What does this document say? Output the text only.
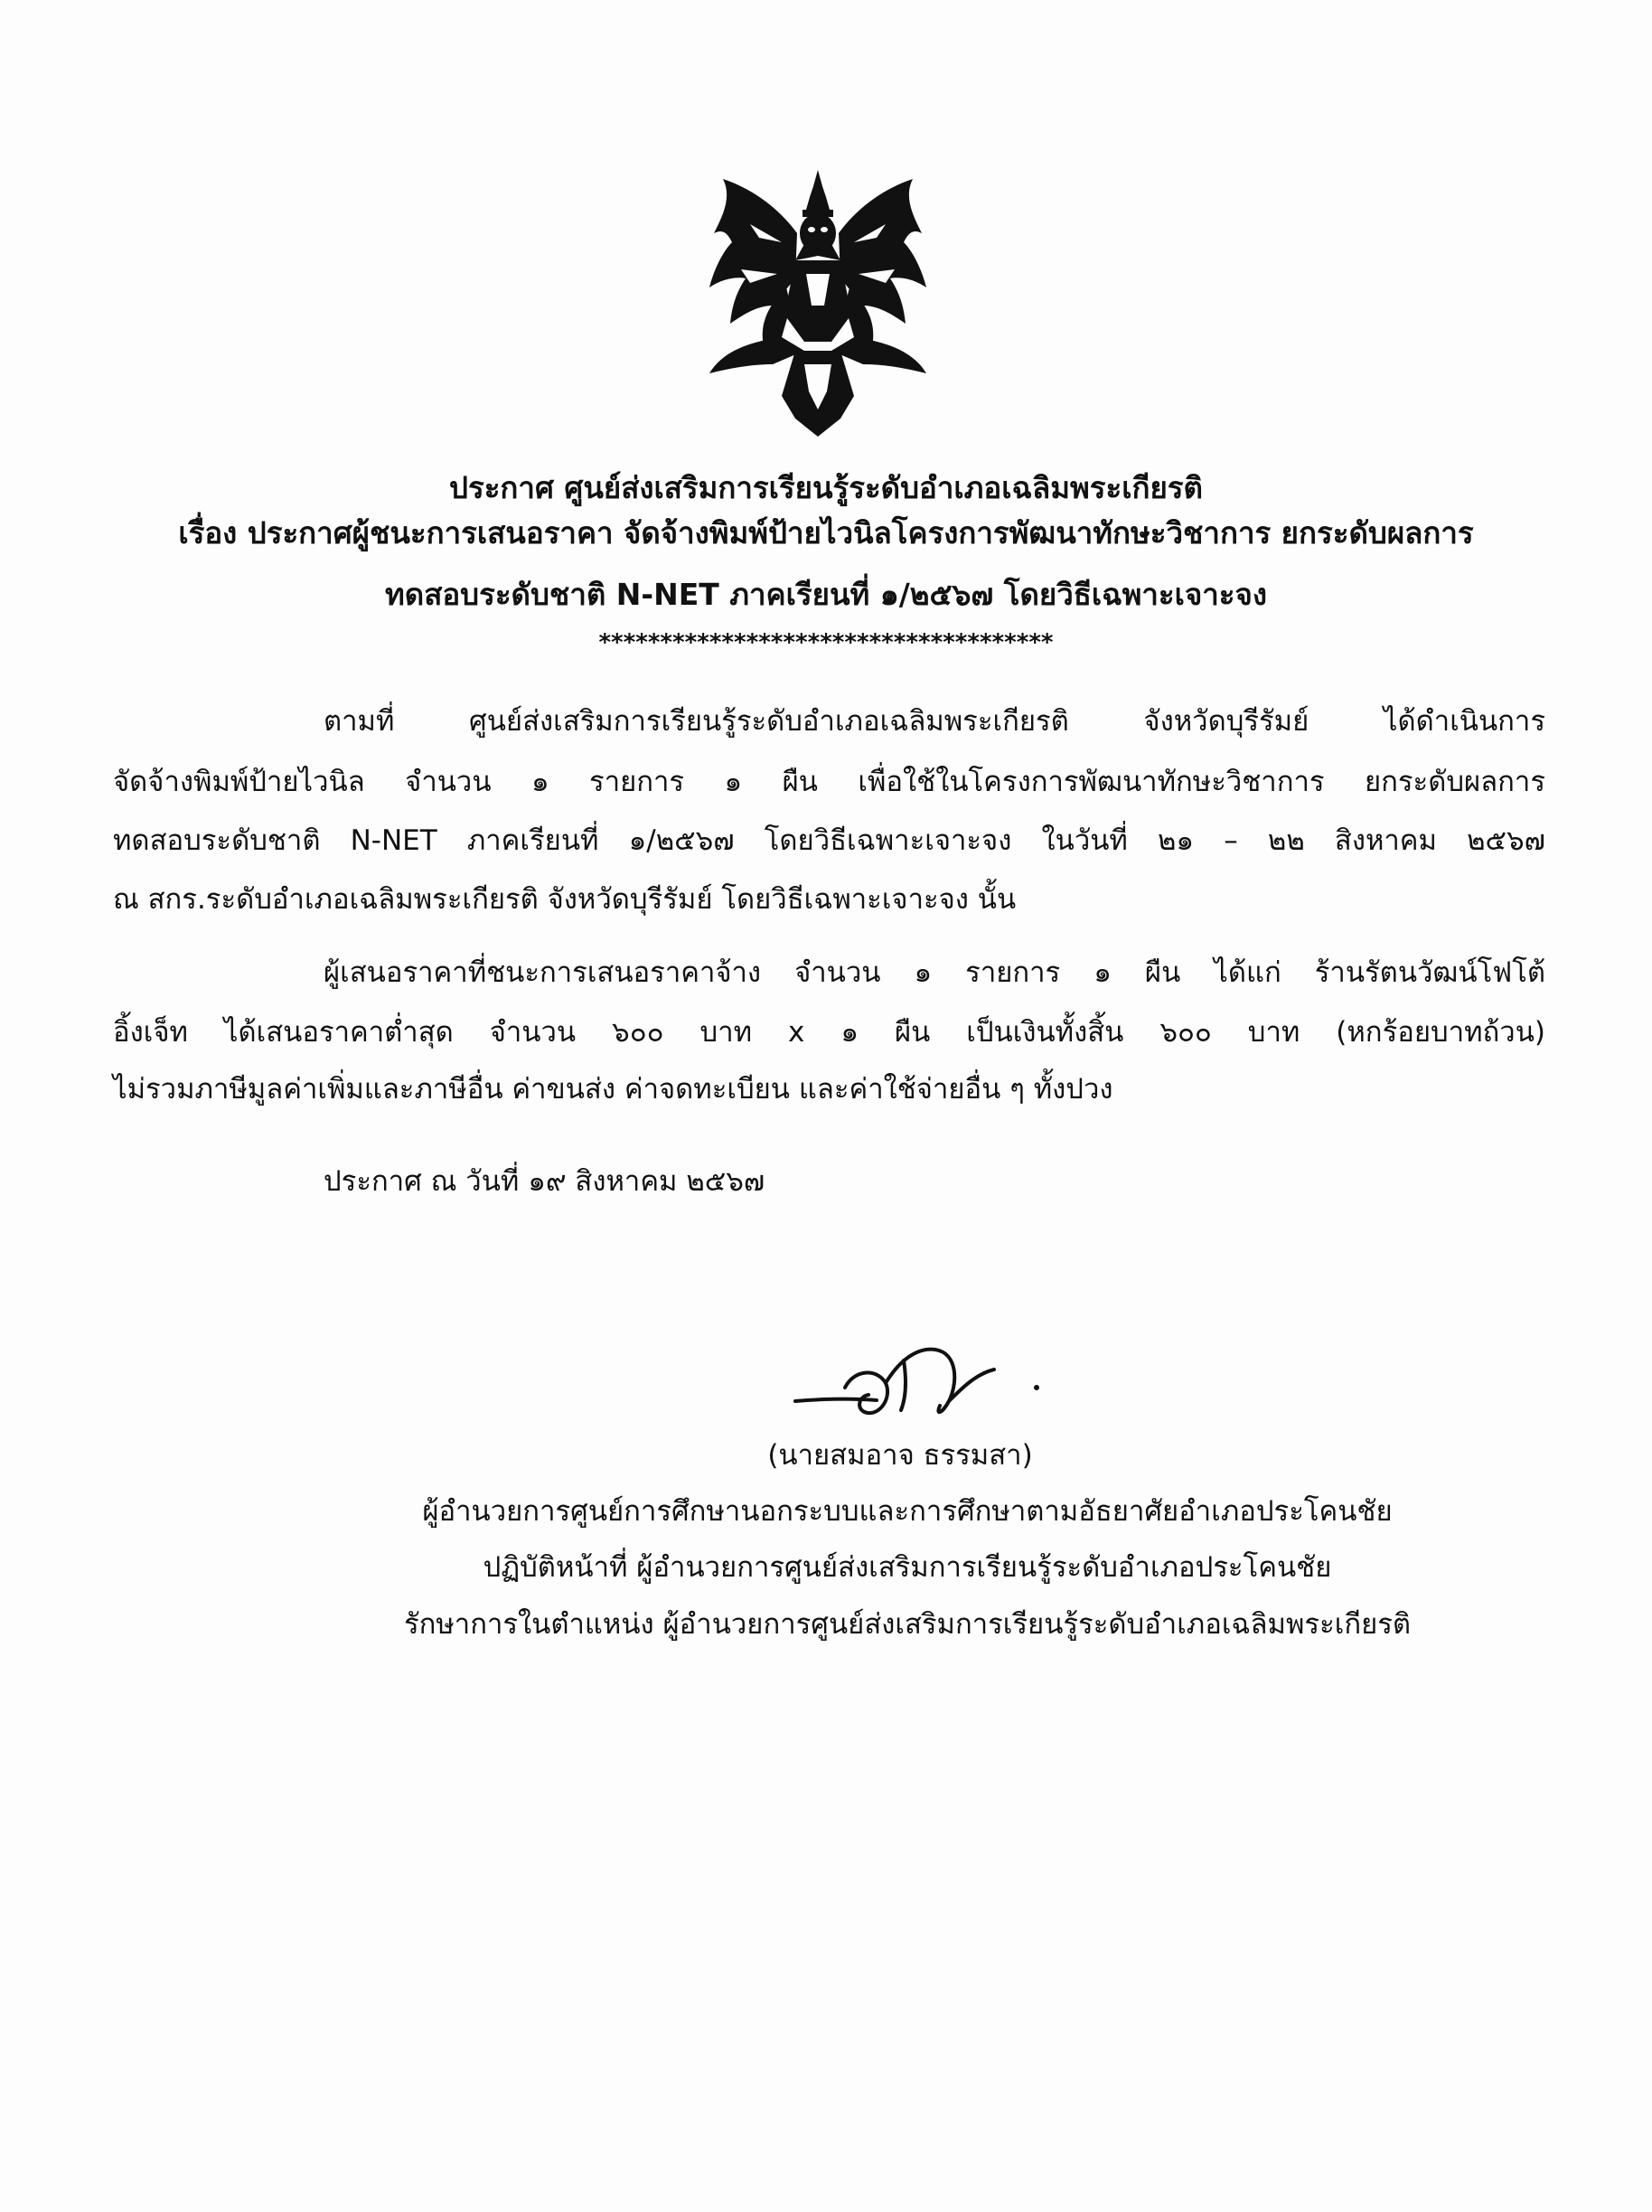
ประกาศ ศูนย์ส่งเสริมการเรียนรู้ระดับอำเภอเฉลิมพระเกียรติ
เรื่อง ประกาศผู้ชนะการเสนอราคา จัดจ้างพิมพ์ป้ายไวนิลโครงการพัฒนาทักษะวิชาการ ยกระดับผลการ
ทดสอบระดับชาติ N-NET ภาคเรียนที่ ๑/๒๕๖๗ โดยวิธีเฉพาะเจาะจง
*************************************
ตามที่ ศูนย์ส่งเสริมการเรียนรู้ระดับอำเภอเฉลิมพระเกียรติ จังหวัดบุรีรัมย์ ได้ดำเนินการ
จัดจ้างพิมพ์ป้ายไวนิล จำนวน ๑ รายการ ๑ ผืน เพื่อใช้ในโครงการพัฒนาทักษะวิชาการ ยกระดับผลการ
ทดสอบระดับชาติ N-NET ภาคเรียนที่ ๑/๒๕๖๗ โดยวิธีเฉพาะเจาะจง ในวันที่ ๒๑ – ๒๒ สิงหาคม ๒๕๖๗
ณ สกร.ระดับอำเภอเฉลิมพระเกียรติ จังหวัดบุรีรัมย์ โดยวิธีเฉพาะเจาะจง นั้น
ผู้เสนอราคาที่ชนะการเสนอราคาจ้าง จำนวน ๑ รายการ ๑ ผืน ได้แก่ ร้านรัตนวัฒน์โฟโต้
อิ้งเจ็ท ได้เสนอราคาต่ำสุด จำนวน ๖๐๐ บาท x ๑ ผืน เป็นเงินทั้งสิ้น ๖๐๐ บาท (หกร้อยบาทถ้วน)
ไม่รวมภาษีมูลค่าเพิ่มและภาษีอื่น ค่าขนส่ง ค่าจดทะเบียน และค่าใช้จ่ายอื่น ๆ ทั้งปวง
ประกาศ ณ วันที่ ๑๙ สิงหาคม ๒๕๖๗
(นายสมอาจ ธรรมสา)
ผู้อำนวยการศูนย์การศึกษานอกระบบและการศึกษาตามอัธยาศัยอำเภอประโคนชัย
ปฏิบัติหน้าที่ ผู้อำนวยการศูนย์ส่งเสริมการเรียนรู้ระดับอำเภอประโคนชัย
รักษาการในตำแหน่ง ผู้อำนวยการศูนย์ส่งเสริมการเรียนรู้ระดับอำเภอเฉลิมพระเกียรติ
